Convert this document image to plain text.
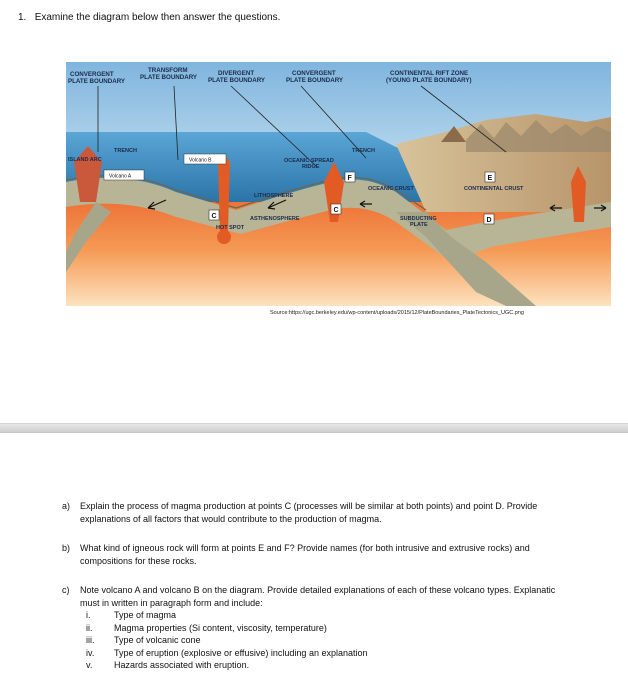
1. Examine the diagram below then answer the questions.
CONVERGENT
PLATE BOUNDARY
TRANSFORM
PLATE BOUNDARY
DIVERGENT
PLATE BOUNDARY
CONVERGENT
PLATE BOUNDARY
CONTINENTAL RIFT ZONE
(YOUNG PLATE BOUNDARY)
TRENCH
ISLAND ARC	Volcano B
Volcano A
OCEANIC SPREAD
RIDGE
TRENCH
OCEANIC CRUST	CONTINENTAL CRUST
LITHOSPHERE
ASTHENOSPHERE
HOT SPOT
SUBDUCTING
PLATE
C
C
D
E
F
Source:https://ugc.berkeley.edu/wp-content/uploads/2015/12/PlateBoundaries_PlateTectonics_UGC.png
a) Explain the process of magma production at points C (processes will be similar at both points) and point D. Provide
explanations of all factors that would contribute to the production of magma.
b) What kind of igneous rock will form at points E and F? Provide names (for both intrusive and extrusive rocks) and
compositions for these rocks.
c) Note volcano A and volcano B on the diagram. Provide detailed explanations of each of these volcano types. Explanatic
must in written in paragraph form and include:
i.	Type of magma
ii.	Magma properties (Si content, viscosity, temperature)
iii.	Type of volcanic cone
iv.	Type of eruption (explosive or effusive) including an explanation
v.	Hazards associated with eruption.
